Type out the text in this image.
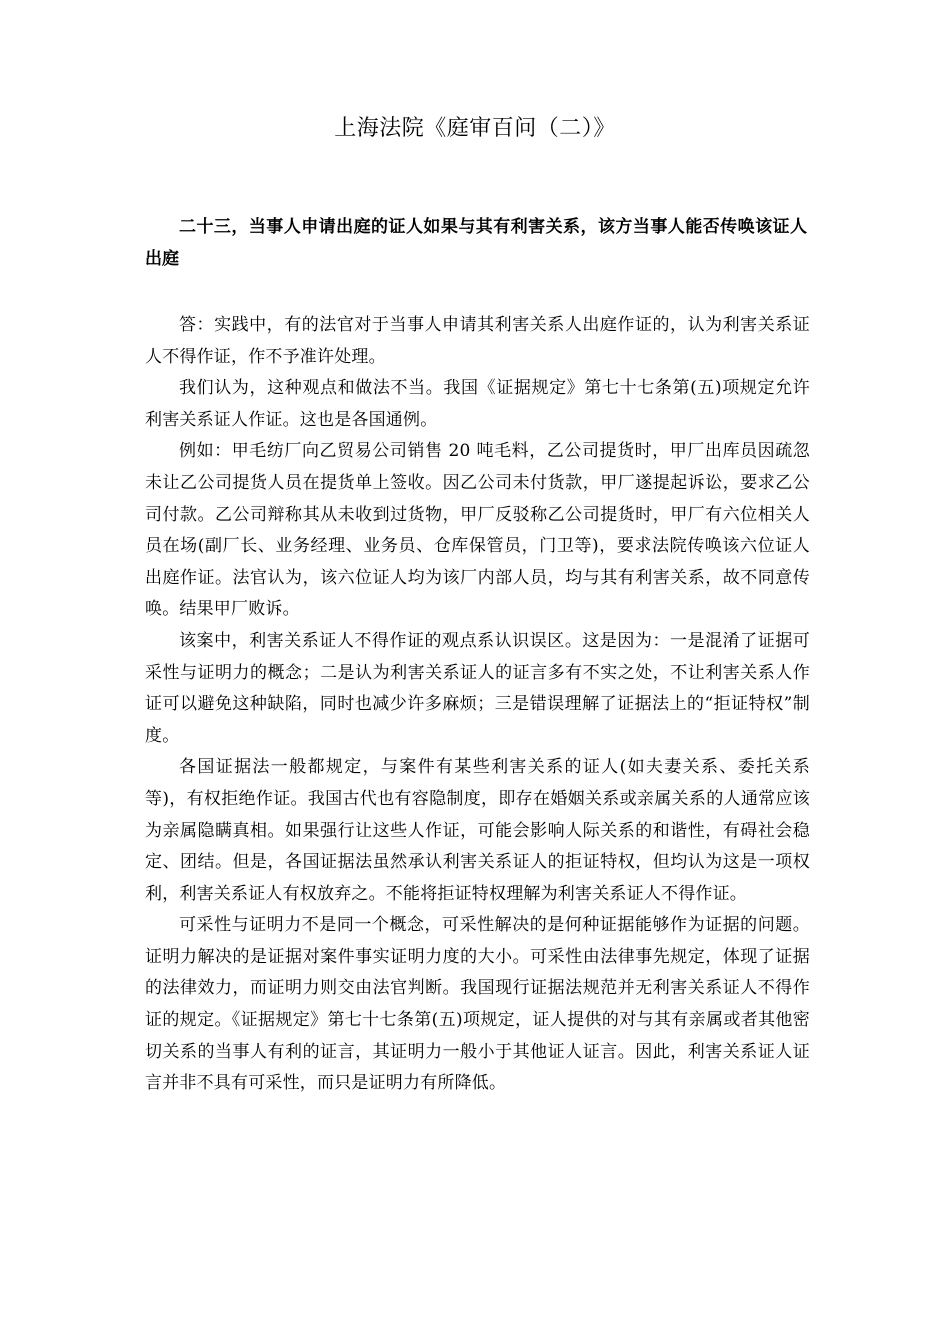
上海法院《庭审百问（二）》

二十三，当事人申请出庭的证人如果与其有利害关系，该方当事人能否传唤该证人出庭

答：实践中，有的法官对于当事人申请其利害关系人出庭作证的，认为利害关系证人不得作证，作不予准许处理。

我们认为，这种观点和做法不当。我国《证据规定》第七十七条第(五)项规定允许利害关系证人作证。这也是各国通例。

例如：甲毛纺厂向乙贸易公司销售 20 吨毛料，乙公司提货时，甲厂出库员因疏忽未让乙公司提货人员在提货单上签收。因乙公司未付货款，甲厂遂提起诉讼，要求乙公司付款。乙公司辩称其从未收到过货物，甲厂反驳称乙公司提货时，甲厂有六位相关人员在场(副厂长、业务经理、业务员、仓库保管员，门卫等)，要求法院传唤该六位证人出庭作证。法官认为，该六位证人均为该厂内部人员，均与其有利害关系，故不同意传唤。结果甲厂败诉。

该案中，利害关系证人不得作证的观点系认识误区。这是因为：一是混淆了证据可采性与证明力的概念；二是认为利害关系证人的证言多有不实之处，不让利害关系人作证可以避免这种缺陷，同时也减少许多麻烦；三是错误理解了证据法上的“拒证特权”制度。

各国证据法一般都规定，与案件有某些利害关系的证人(如夫妻关系、委托关系等)，有权拒绝作证。我国古代也有容隐制度，即存在婚姻关系或亲属关系的人通常应该为亲属隐瞒真相。如果强行让这些人作证，可能会影响人际关系的和谐性，有碍社会稳定、团结。但是，各国证据法虽然承认利害关系证人的拒证特权，但均认为这是一项权利，利害关系证人有权放弃之。不能将拒证特权理解为利害关系证人不得作证。

可采性与证明力不是同一个概念，可采性解决的是何种证据能够作为证据的问题。证明力解决的是证据对案件事实证明力度的大小。可采性由法律事先规定，体现了证据的法律效力，而证明力则交由法官判断。我国现行证据法规范并无利害关系证人不得作证的规定。《证据规定》第七十七条第(五)项规定，证人提供的对与其有亲属或者其他密切关系的当事人有利的证言，其证明力一般小于其他证人证言。因此，利害关系证人证言并非不具有可采性，而只是证明力有所降低。
